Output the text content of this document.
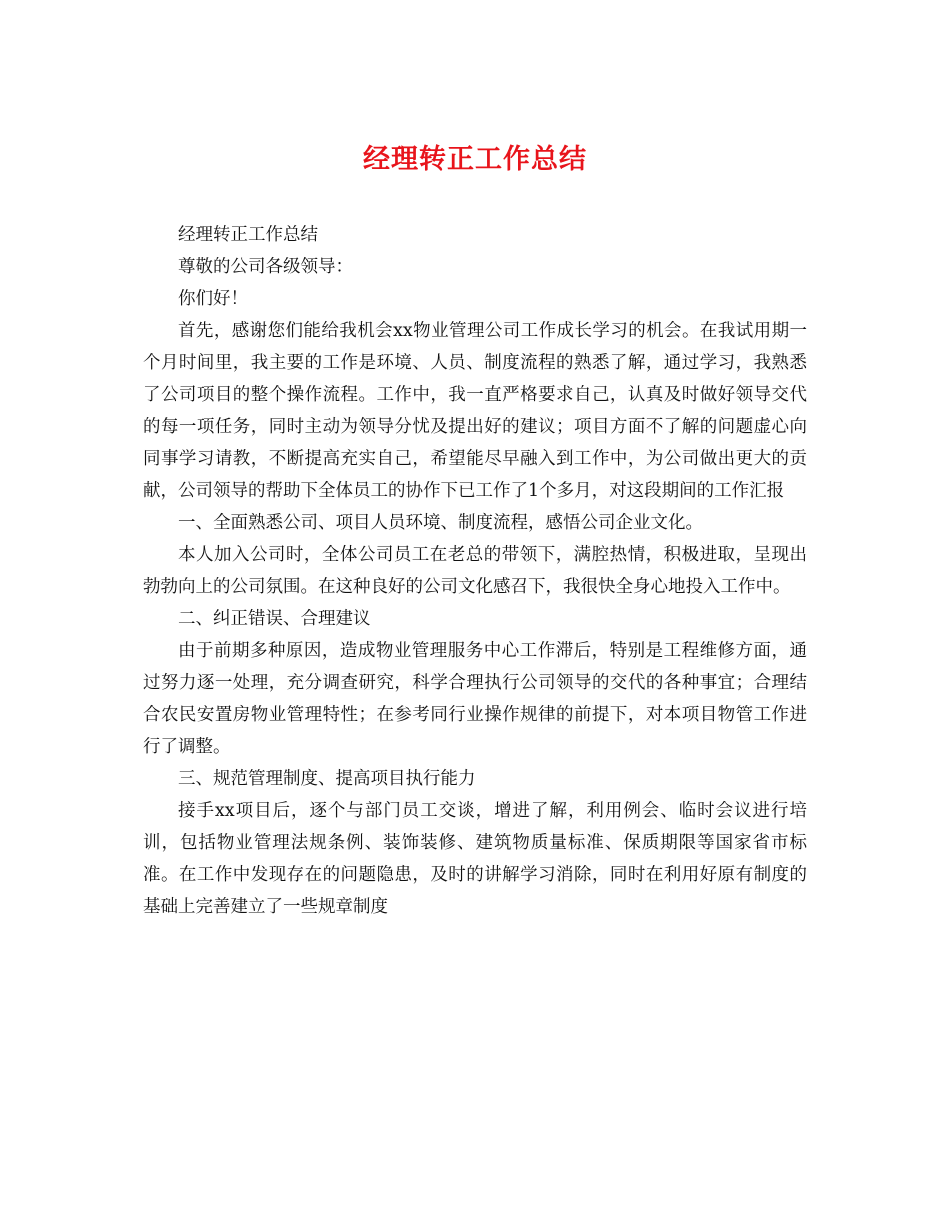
经理转正工作总结

经理转正工作总结

尊敬的公司各级领导：

你们好！

首先，感谢您们能给我机会xx物业管理公司工作成长学习的机会。在我试用期一个月时间里，我主要的工作是环境、人员、制度流程的熟悉了解，通过学习，我熟悉了公司项目的整个操作流程。工作中，我一直严格要求自己，认真及时做好领导交代的每一项任务，同时主动为领导分忧及提出好的建议；项目方面不了解的问题虚心向同事学习请教，不断提高充实自己，希望能尽早融入到工作中，为公司做出更大的贡献，公司领导的帮助下全体员工的协作下已工作了1个多月，对这段期间的工作汇报

一、全面熟悉公司、项目人员环境、制度流程，感悟公司企业文化。

本人加入公司时，全体公司员工在老总的带领下，满腔热情，积极进取，呈现出勃勃向上的公司氛围。在这种良好的公司文化感召下，我很快全身心地投入工作中。

二、纠正错误、合理建议

由于前期多种原因，造成物业管理服务中心工作滞后，特别是工程维修方面，通过努力逐一处理，充分调查研究，科学合理执行公司领导的交代的各种事宜；合理结合农民安置房物业管理特性；在参考同行业操作规律的前提下，对本项目物管工作进行了调整。

三、规范管理制度、提高项目执行能力

接手xx项目后，逐个与部门员工交谈，增进了解，利用例会、临时会议进行培训，包括物业管理法规条例、装饰装修、建筑物质量标准、保质期限等国家省市标准。在工作中发现存在的问题隐患，及时的讲解学习消除，同时在利用好原有制度的基础上完善建立了一些规章制度
